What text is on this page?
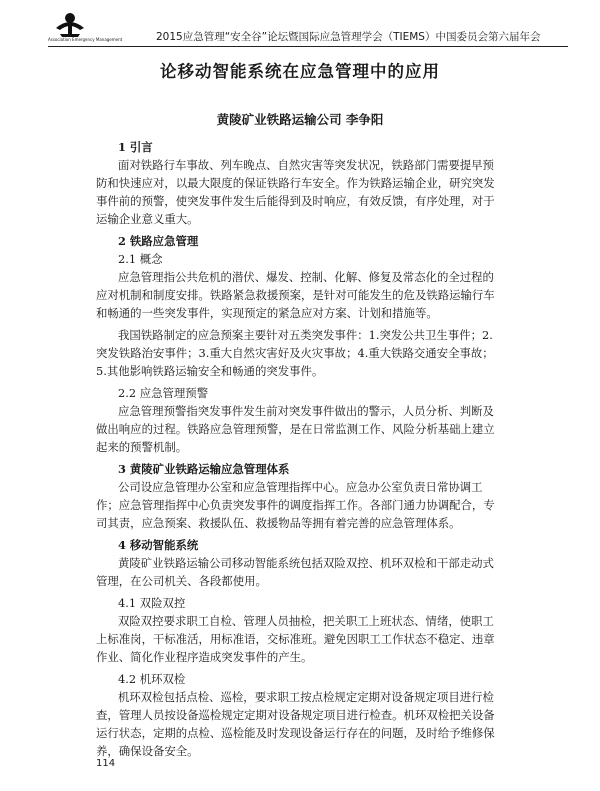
Association Emergency Management	2015应急管理“安全谷”论坛暨国际应急管理学会（TIEMS）中国委员会第六届年会
论移动智能系统在应急管理中的应用
黄陵矿业铁路运输公司 李争阳
1 引言
面对铁路行车事故、列车晚点、自然灾害等突发状况，铁路部门需要提早预
防和快速应对，以最大限度的保证铁路行车安全。作为铁路运输企业，研究突发
事件前的预警，使突发事件发生后能得到及时响应，有效反馈，有序处理，对于
运输企业意义重大。
2 铁路应急管理
2.1 概念
应急管理指公共危机的潜伏、爆发、控制、化解、修复及常态化的全过程的
应对机制和制度安排。铁路紧急救援预案，是针对可能发生的危及铁路运输行车
和畅通的一些突发事件，实现预定的紧急应对方案、计划和措施等。
我国铁路制定的应急预案主要针对五类突发事件：1.突发公共卫生事件；2.
突发铁路治安事件；3.重大自然灾害好及火灾事故；4.重大铁路交通安全事故；
5.其他影响铁路运输安全和畅通的突发事件。
2.2 应急管理预警
应急管理预警指突发事件发生前对突发事件做出的警示，人员分析、判断及
做出响应的过程。铁路应急管理预警，是在日常监测工作、风险分析基础上建立
起来的预警机制。
3 黄陵矿业铁路运输应急管理体系
公司设应急管理办公室和应急管理指挥中心。应急办公室负责日常协调工
作；应急管理指挥中心负责突发事件的调度指挥工作。各部门通力协调配合，专
司其责，应急预案、救援队伍、救援物品等拥有着完善的应急管理体系。
4 移动智能系统
黄陵矿业铁路运输公司移动智能系统包括双险双控、机环双检和干部走动式
管理，在公司机关、各段都使用。
4.1 双险双控
双险双控要求职工自检、管理人员抽检，把关职工上班状态、情绪，使职工
上标准岗，干标准活，用标准语，交标准班。避免因职工工作状态不稳定、违章
作业、简化作业程序造成突发事件的产生。
4.2 机环双检
机环双检包括点检、巡检，要求职工按点检规定定期对设备规定项目进行检
查，管理人员按设备巡检规定定期对设备规定项目进行检查。机环双检把关设备
运行状态，定期的点检、巡检能及时发现设备运行存在的问题，及时给予维修保
养，确保设备安全。
114
